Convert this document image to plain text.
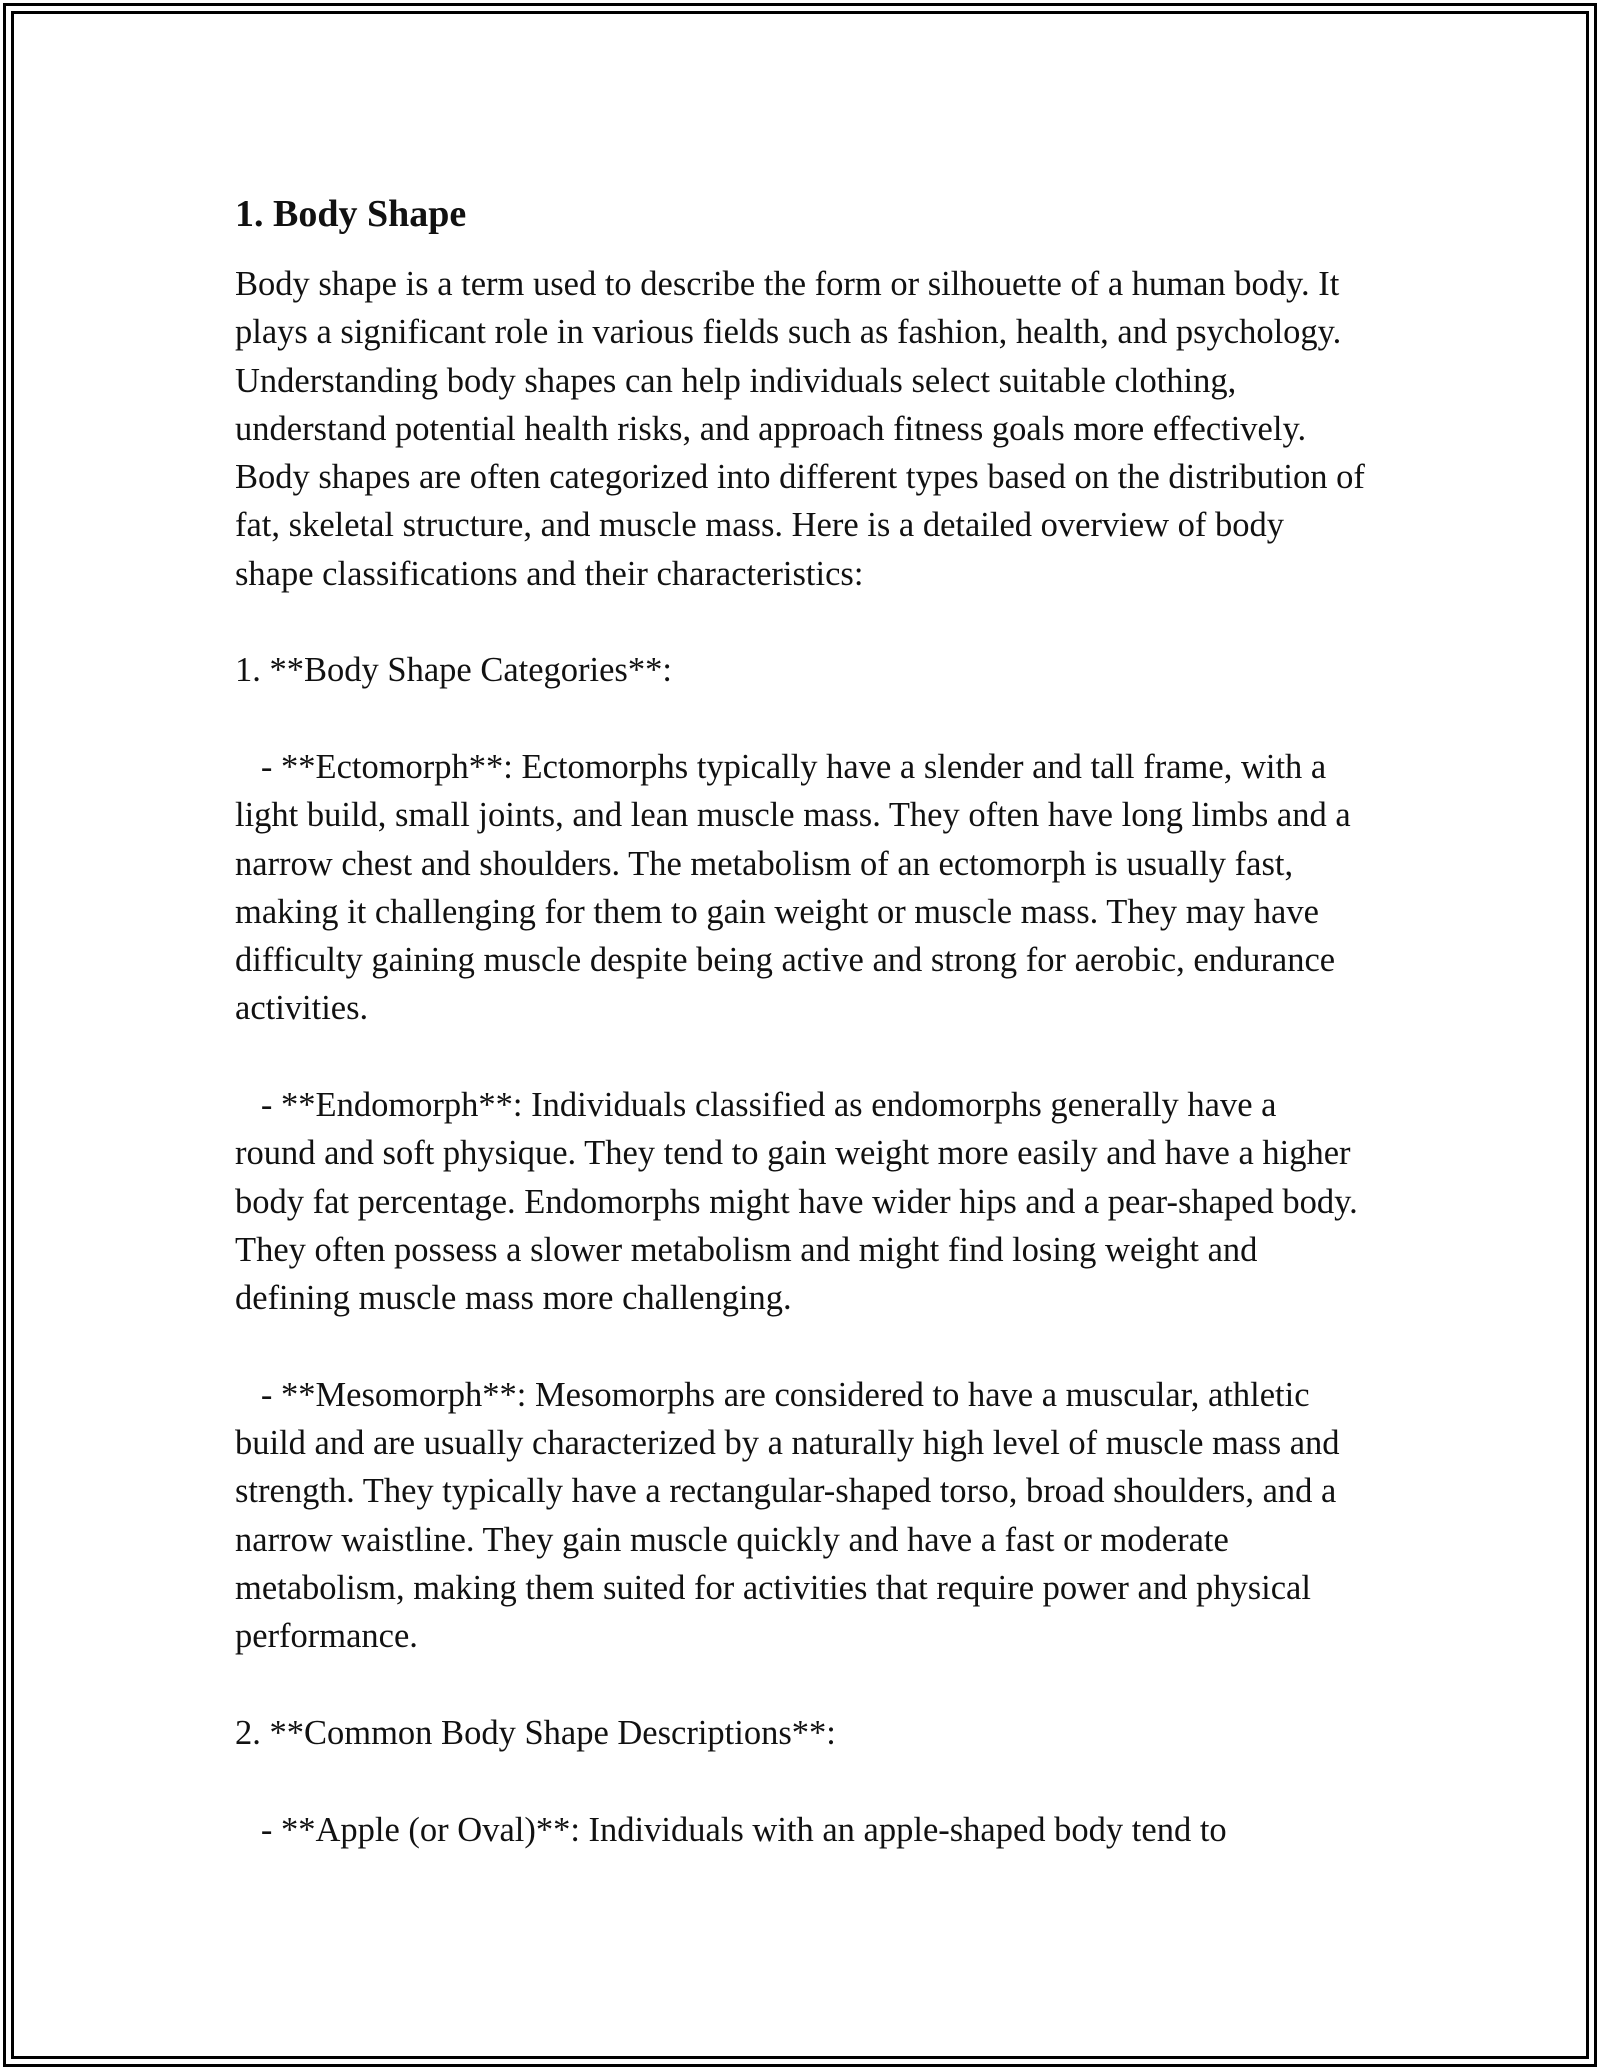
1. Body Shape

Body shape is a term used to describe the form or silhouette of a human body. It plays a significant role in various fields such as fashion, health, and psychology. Understanding body shapes can help individuals select suitable clothing, understand potential health risks, and approach fitness goals more effectively. Body shapes are often categorized into different types based on the distribution of fat, skeletal structure, and muscle mass. Here is a detailed overview of body shape classifications and their characteristics:

1. **Body Shape Categories**:

- **Ectomorph**: Ectomorphs typically have a slender and tall frame, with a light build, small joints, and lean muscle mass. They often have long limbs and a narrow chest and shoulders. The metabolism of an ectomorph is usually fast, making it challenging for them to gain weight or muscle mass. They may have difficulty gaining muscle despite being active and strong for aerobic, endurance activities.

- **Endomorph**: Individuals classified as endomorphs generally have a round and soft physique. They tend to gain weight more easily and have a higher body fat percentage. Endomorphs might have wider hips and a pear-shaped body. They often possess a slower metabolism and might find losing weight and defining muscle mass more challenging.

- **Mesomorph**: Mesomorphs are considered to have a muscular, athletic build and are usually characterized by a naturally high level of muscle mass and strength. They typically have a rectangular-shaped torso, broad shoulders, and a narrow waistline. They gain muscle quickly and have a fast or moderate metabolism, making them suited for activities that require power and physical performance.

2. **Common Body Shape Descriptions**:

- **Apple (or Oval)**: Individuals with an apple-shaped body tend to
